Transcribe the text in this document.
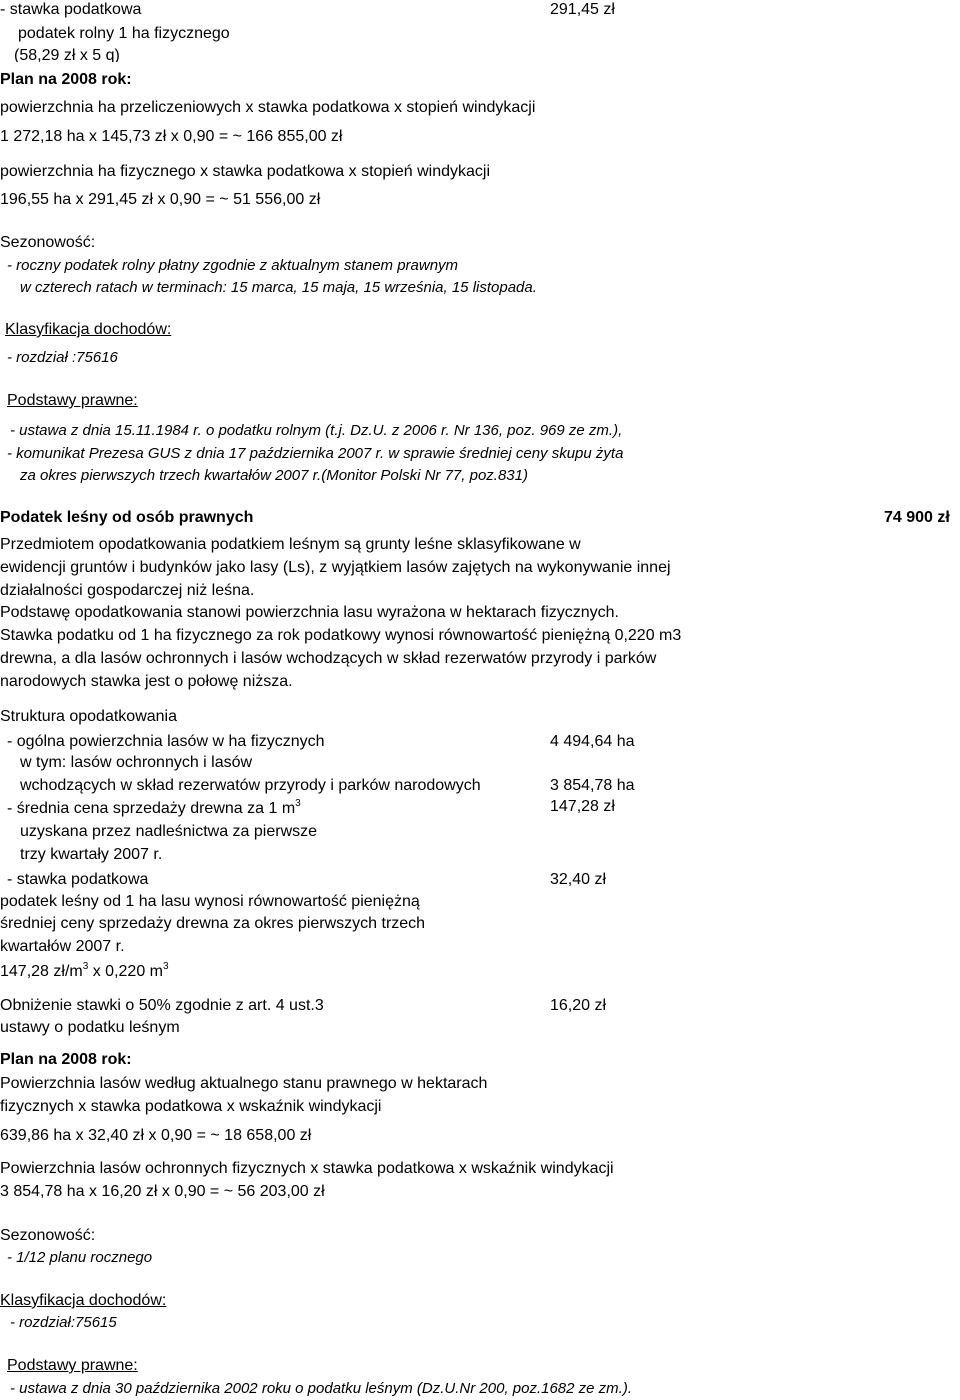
- stawka podatkowa	291,45 zł
podatek rolny 1 ha fizycznego
(58,29 zł x 5 q)
Plan na 2008 rok:
powierzchnia ha przeliczeniowych x stawka podatkowa x stopień windykacji
1 272,18 ha x 145,73 zł x 0,90 = ~ 166 855,00 zł
powierzchnia ha fizycznego x stawka podatkowa x stopień windykacji
196,55 ha x 291,45 zł x 0,90 = ~ 51 556,00 zł
Sezonowość:
- roczny podatek rolny płatny zgodnie z aktualnym stanem prawnym
w czterech ratach w terminach: 15 marca, 15 maja, 15 września, 15 listopada.
Klasyfikacja dochodów:
- rozdział :75616
Podstawy prawne:
- ustawa z dnia 15.11.1984 r. o podatku rolnym (t.j. Dz.U. z 2006 r. Nr 136, poz. 969 ze zm.),
- komunikat Prezesa GUS z dnia 17 października 2007 r. w sprawie średniej ceny skupu żyta
za okres pierwszych trzech kwartałów 2007 r.(Monitor Polski Nr 77, poz.831)
Podatek leśny od osób prawnych	74 900 zł
Przedmiotem opodatkowania podatkiem leśnym są grunty leśne sklasyfikowane w
ewidencji gruntów i budynków jako lasy (Ls), z wyjątkiem lasów zajętych na wykonywanie innej
działalności gospodarczej niż leśna.
Podstawę opodatkowania stanowi powierzchnia lasu wyrażona w hektarach fizycznych.
Stawka podatku od 1 ha fizycznego za rok podatkowy wynosi równowartość pieniężną 0,220 m3
drewna, a dla lasów ochronnych i lasów wchodzących w skład rezerwatów przyrody i parków
narodowych stawka jest o połowę niższa.
Struktura opodatkowania
- ogólna powierzchnia lasów w ha fizycznych	4 494,64 ha
w tym: lasów ochronnych i lasów
wchodzących w skład rezerwatów przyrody i parków narodowych	3 854,78 ha
- średnia cena sprzedaży drewna za 1 $m^3$	147,28 zł
uzyskana przez nadleśnictwa za pierwsze
trzy kwartały 2007 r.
- stawka podatkowa	32,40 zł
podatek leśny od 1 ha lasu wynosi równowartość pieniężną
średniej ceny sprzedaży drewna za okres pierwszych trzech
kwartałów 2007 r.
147,28 $zł/m^3$ x 0,220 $m^3$
Obniżenie stawki o 50% zgodnie z art. 4 ust.3	16,20 zł
ustawy o podatku leśnym
Plan na 2008 rok:
Powierzchnia lasów według aktualnego stanu prawnego w hektarach
fizycznych x stawka podatkowa x wskaźnik windykacji
639,86 ha x 32,40 zł x 0,90 = ~ 18 658,00 zł
Powierzchnia lasów ochronnych fizycznych x stawka podatkowa x wskaźnik windykacji
3 854,78 ha x 16,20 zł x 0,90 = ~ 56 203,00 zł
Sezonowość:
- 1/12 planu rocznego
Klasyfikacja dochodów:
- rozdział:75615
Podstawy prawne:
- ustawa z dnia 30 października 2002 roku o podatku leśnym (Dz.U.Nr 200, poz.1682 ze zm.).
